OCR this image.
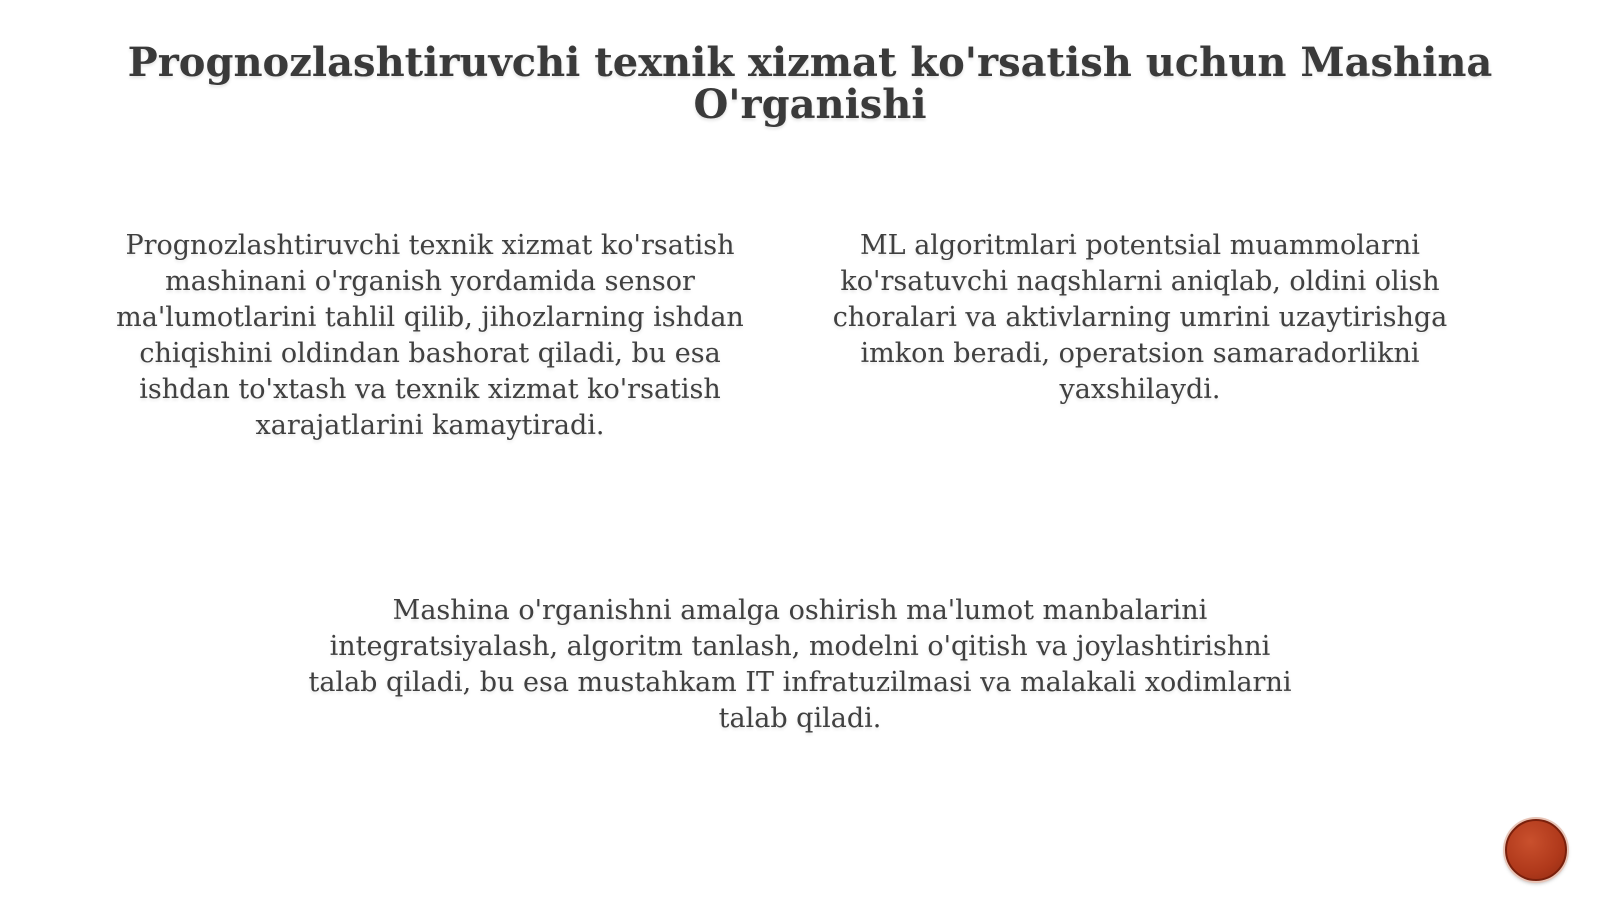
Prognozlashtiruvchi texnik xizmat ko'rsatish uchun Mashina O'rganishi

Prognozlashtiruvchi texnik xizmat ko'rsatish mashinani o'rganish yordamida sensor ma'lumotlarini tahlil qilib, jihozlarning ishdan chiqishini oldindan bashorat qiladi, bu esa ishdan to'xtash va texnik xizmat ko'rsatish xarajatlarini kamaytiradi.

ML algoritmlari potentsial muammolarni ko'rsatuvchi naqshlarni aniqlab, oldini olish choralari va aktivlarning umrini uzaytirishga imkon beradi, operatsion samaradorlikni yaxshilaydi.

Mashina o'rganishni amalga oshirish ma'lumot manbalarini integratsiyalash, algoritm tanlash, modelni o'qitish va joylashtirishni talab qiladi, bu esa mustahkam IT infratuzilmasi va malakali xodimlarni talab qiladi.
